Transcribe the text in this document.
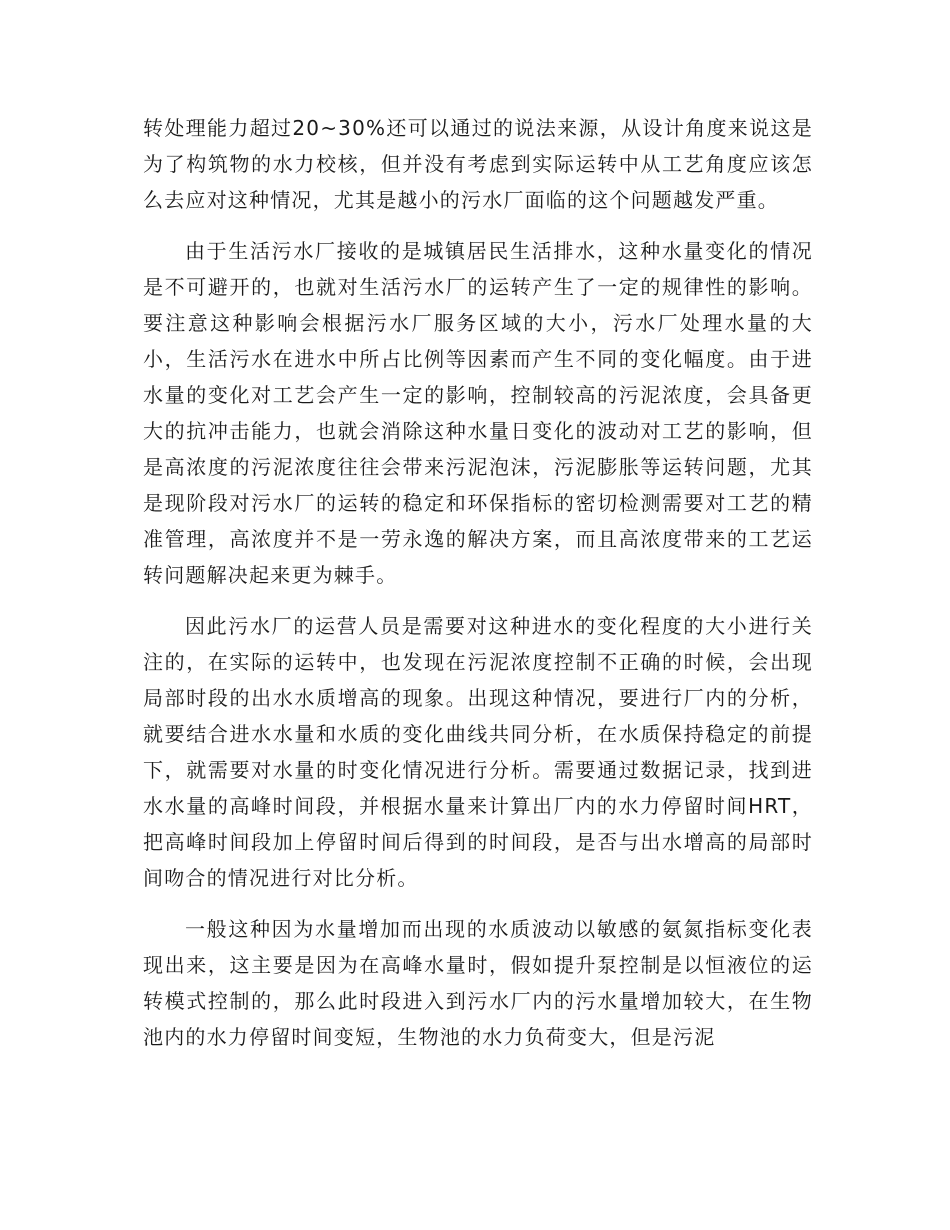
转处理能力超过20~30%还可以通过的说法来源，从设计角度来说这是为了构筑物的水力校核，但并没有考虑到实际运转中从工艺角度应该怎么去应对这种情况，尤其是越小的污水厂面临的这个问题越发严重。

由于生活污水厂接收的是城镇居民生活排水，这种水量变化的情况是不可避开的，也就对生活污水厂的运转产生了一定的规律性的影响。要注意这种影响会根据污水厂服务区域的大小，污水厂处理水量的大小，生活污水在进水中所占比例等因素而产生不同的变化幅度。由于进水量的变化对工艺会产生一定的影响，控制较高的污泥浓度，会具备更大的抗冲击能力，也就会消除这种水量日变化的波动对工艺的影响，但是高浓度的污泥浓度往往会带来污泥泡沫，污泥膨胀等运转问题，尤其是现阶段对污水厂的运转的稳定和环保指标的密切检测需要对工艺的精准管理，高浓度并不是一劳永逸的解决方案，而且高浓度带来的工艺运转问题解决起来更为棘手。

因此污水厂的运营人员是需要对这种进水的变化程度的大小进行关注的，在实际的运转中，也发现在污泥浓度控制不正确的时候，会出现局部时段的出水水质增高的现象。出现这种情况，要进行厂内的分析，就要结合进水水量和水质的变化曲线共同分析，在水质保持稳定的前提下，就需要对水量的时变化情况进行分析。需要通过数据记录，找到进水水量的高峰时间段，并根据水量来计算出厂内的水力停留时间HRT，把高峰时间段加上停留时间后得到的时间段，是否与出水增高的局部时间吻合的情况进行对比分析。

一般这种因为水量增加而出现的水质波动以敏感的氨氮指标变化表现出来，这主要是因为在高峰水量时，假如提升泵控制是以恒液位的运转模式控制的，那么此时段进入到污水厂内的污水量增加较大，在生物池内的水力停留时间变短，生物池的水力负荷变大，但是污泥
